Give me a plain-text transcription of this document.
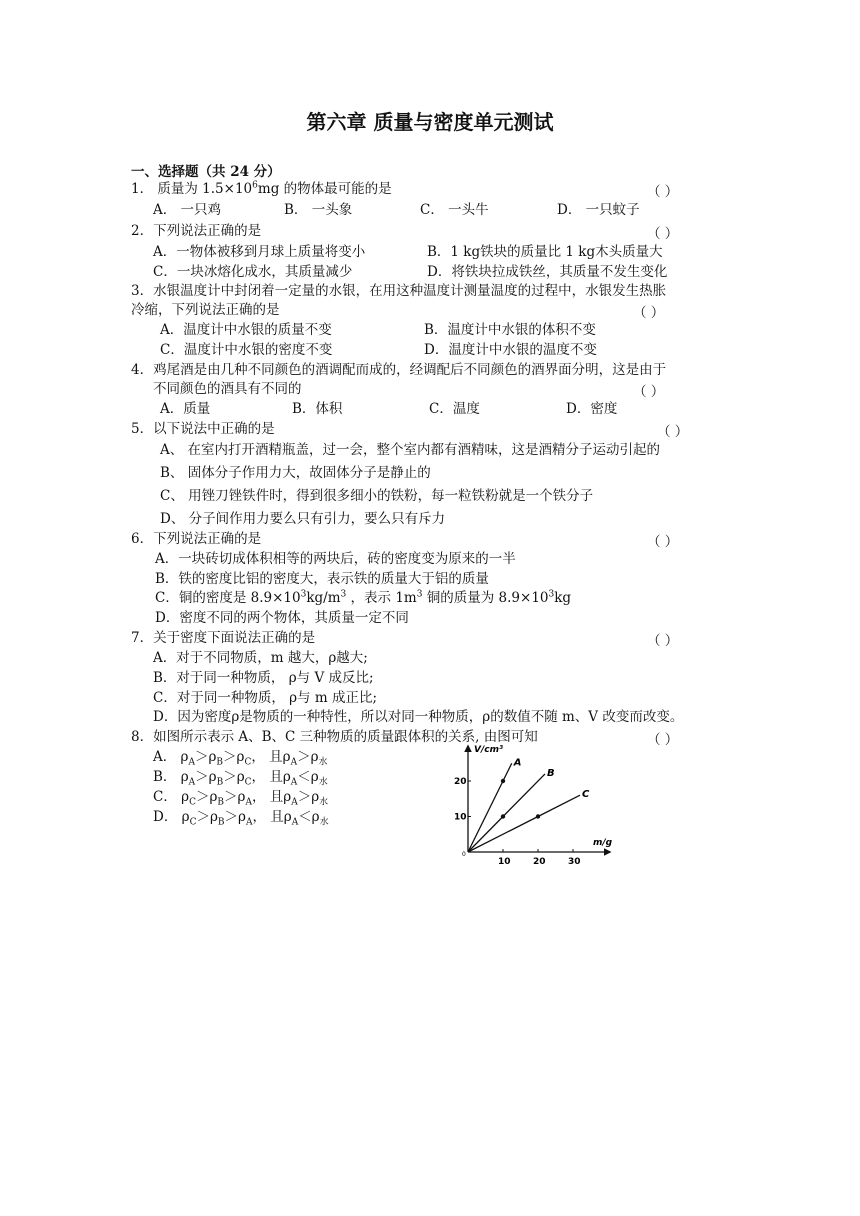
第六章 质量与密度单元测试
一、选择题（共 24 分）
1． 质量为 $1.5\times 10^6mg$ 的物体最可能的是	（ ）
A． 一只鸡	B． 一头象	C． 一头牛	D． 一只蚊子
2．下列说法正确的是	（ ）
A．一物体被移到月球上质量将变小	B．1 kg铁块的质量比 1 kg木头质量大
C．一块冰熔化成水，其质量减少	D．将铁块拉成铁丝，其质量不发生变化
3．水银温度计中封闭着一定量的水银，在用这种温度计测量温度的过程中，水银发生热胀
冷缩，下列说法正确的是	（ ）
A．温度计中水银的质量不变	B．温度计中水银的体积不变
C．温度计中水银的密度不变	D．温度计中水银的温度不变
4．鸡尾酒是由几种不同颜色的酒调配而成的，经调配后不同颜色的酒界面分明，这是由于
不同颜色的酒具有不同的	（ ）
A．质量	B．体积	C．温度	D．密度
5．以下说法中正确的是	（ ）
A、 在室内打开酒精瓶盖，过一会，整个室内都有酒精味，这是酒精分子运动引起的
B、 固体分子作用力大，故固体分子是静止的
C、 用锉刀锉铁件时，得到很多细小的铁粉，每一粒铁粉就是一个铁分子
D、 分子间作用力要么只有引力，要么只有斥力
6．下列说法正确的是	（ ）
A．一块砖切成体积相等的两块后，砖的密度变为原来的一半
B．铁的密度比铝的密度大，表示铁的质量大于铝的质量
C．铜的密度是 $8.9\times 10^3kg/m^3$ ，表示 $1m^3$ 铜的质量为 $8.9\times 10^3kg$
D．密度不同的两个物体，其质量一定不同
7．关于密度下面说法正确的是	（ ）
A．对于不同物质，m 越大，ρ越大;
B．对于同一种物质， ρ与 V 成反比;
C．对于同一种物质， ρ与 m 成正比;
D．因为密度ρ是物质的一种特性，所以对同一种物质，ρ的数值不随 m、V 改变而改变。
8．如图所示表示 A、B、C 三种物质的质量跟体积的关系, 由图可知	（ ）
A． $\rho_A>\rho_B>\rho_C$， 且$\rho_A>\rho_水$
B． $\rho_A>\rho_B>\rho_C$， 且$\rho_A<\rho_水$
C． $\rho_C>\rho_B>\rho_A$， 且$\rho_A>\rho_水$
D． $\rho_C>\rho_B>\rho_A$， 且$\rho_A<\rho_水$
V/cm³
m/g
0
10 20 30
10
20
A
B
C
